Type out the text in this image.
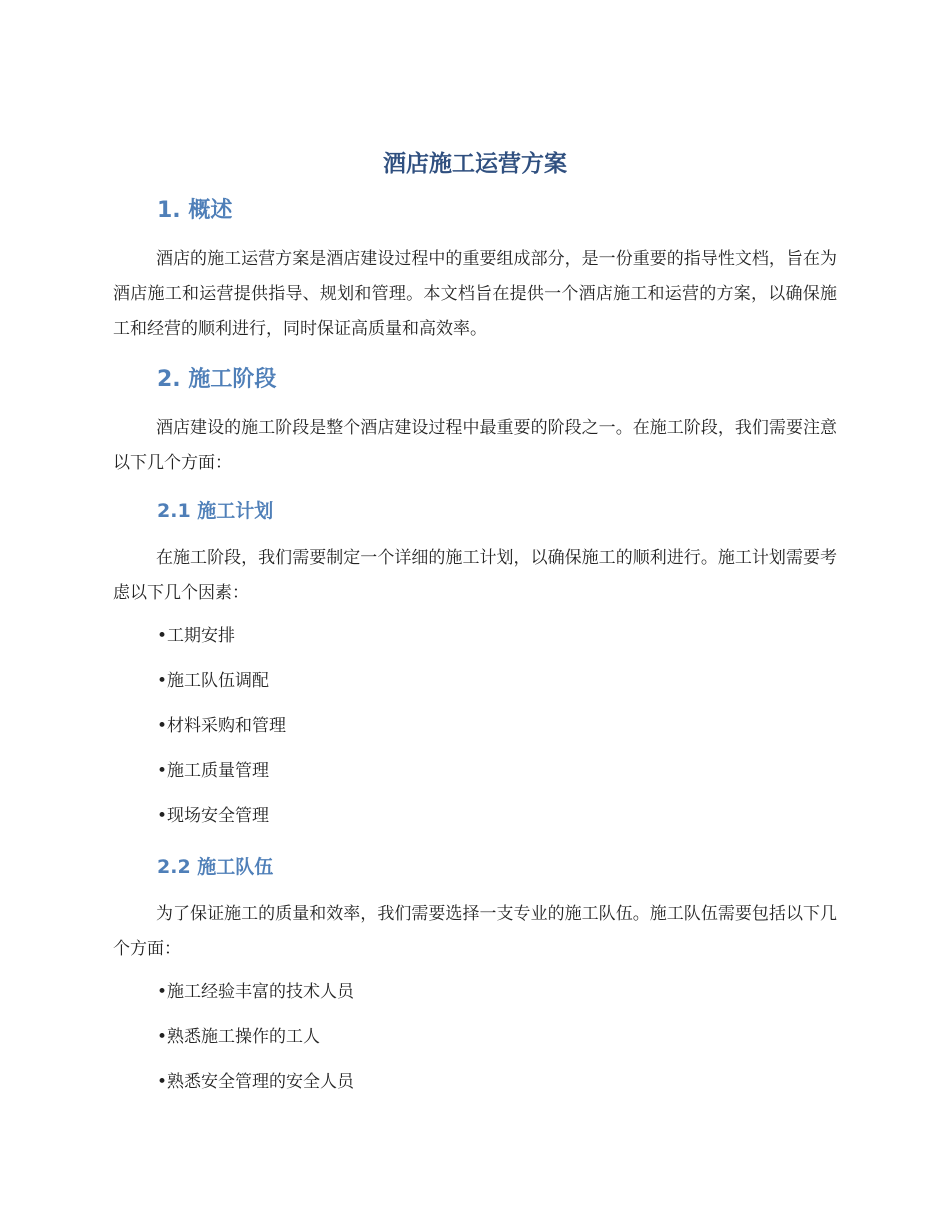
酒店施工运营方案
1. 概述

酒店的施工运营方案是酒店建设过程中的重要组成部分，是一份重要的指导性文档，旨在为酒店施工和运营提供指导、规划和管理。本文档旨在提供一个酒店施工和运营的方案，以确保施工和经营的顺利进行，同时保证高质量和高效率。

2. 施工阶段

酒店建设的施工阶段是整个酒店建设过程中最重要的阶段之一。在施工阶段，我们需要注意以下几个方面：

2.1 施工计划

在施工阶段，我们需要制定一个详细的施工计划，以确保施工的顺利进行。施工计划需要考虑以下几个因素：

•工期安排
•施工队伍调配
•材料采购和管理
•施工质量管理
•现场安全管理
2.2 施工队伍

为了保证施工的质量和效率，我们需要选择一支专业的施工队伍。施工队伍需要包括以下几个方面：

•施工经验丰富的技术人员
•熟悉施工操作的工人
•熟悉安全管理的安全人员
